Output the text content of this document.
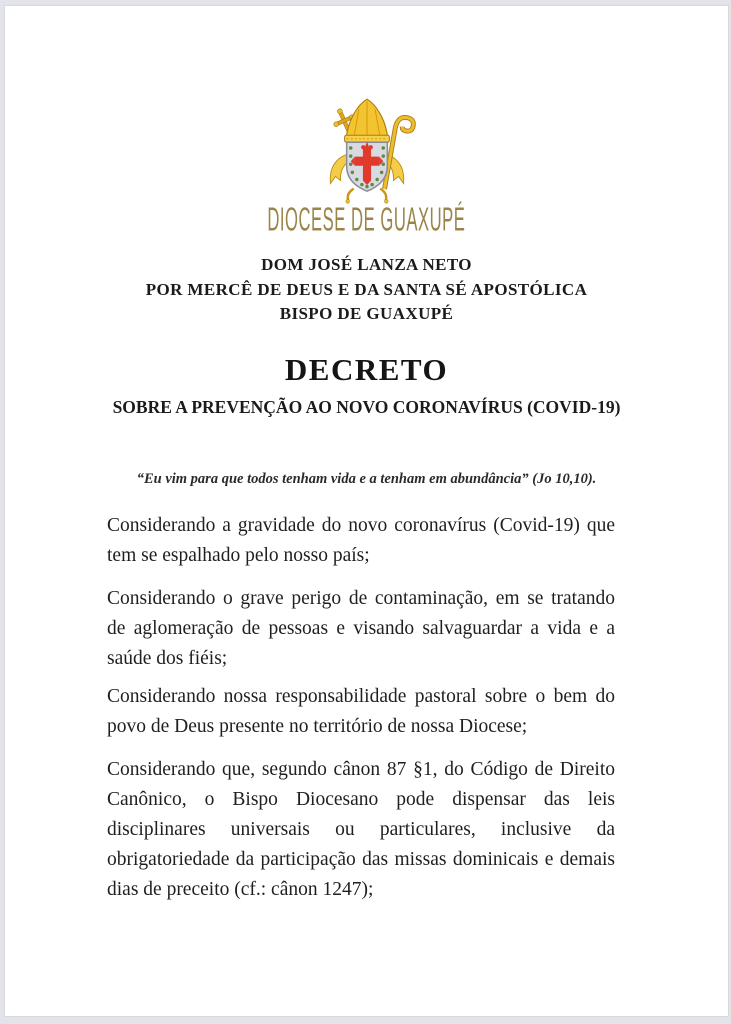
DIOCESE DE GUAXUPÉ
DOM JOSÉ LANZA NETO
POR MERCÊ DE DEUS E DA SANTA SÉ APOSTÓLICA
BISPO DE GUAXUPÉ
DECRETO
SOBRE A PREVENÇÃO AO NOVO CORONAVÍRUS (COVID-19)
“Eu vim para que todos tenham vida e a tenham em abundância” (Jo 10,10).

Considerando a gravidade do novo coronavírus (Covid-19) que tem se espalhado pelo nosso país;

Considerando o grave perigo de contaminação, em se tratando de aglomeração de pessoas e visando salvaguardar a vida e a saúde dos fiéis;

Considerando nossa responsabilidade pastoral sobre o bem do povo de Deus presente no território de nossa Diocese;

Considerando que, segundo cânon 87 §1, do Código de Direito Canônico, o Bispo Diocesano pode dispensar das leis disciplinares universais ou particulares, inclusive da obrigatoriedade da participação das missas dominicais e demais dias de preceito (cf.: cânon 1247);
